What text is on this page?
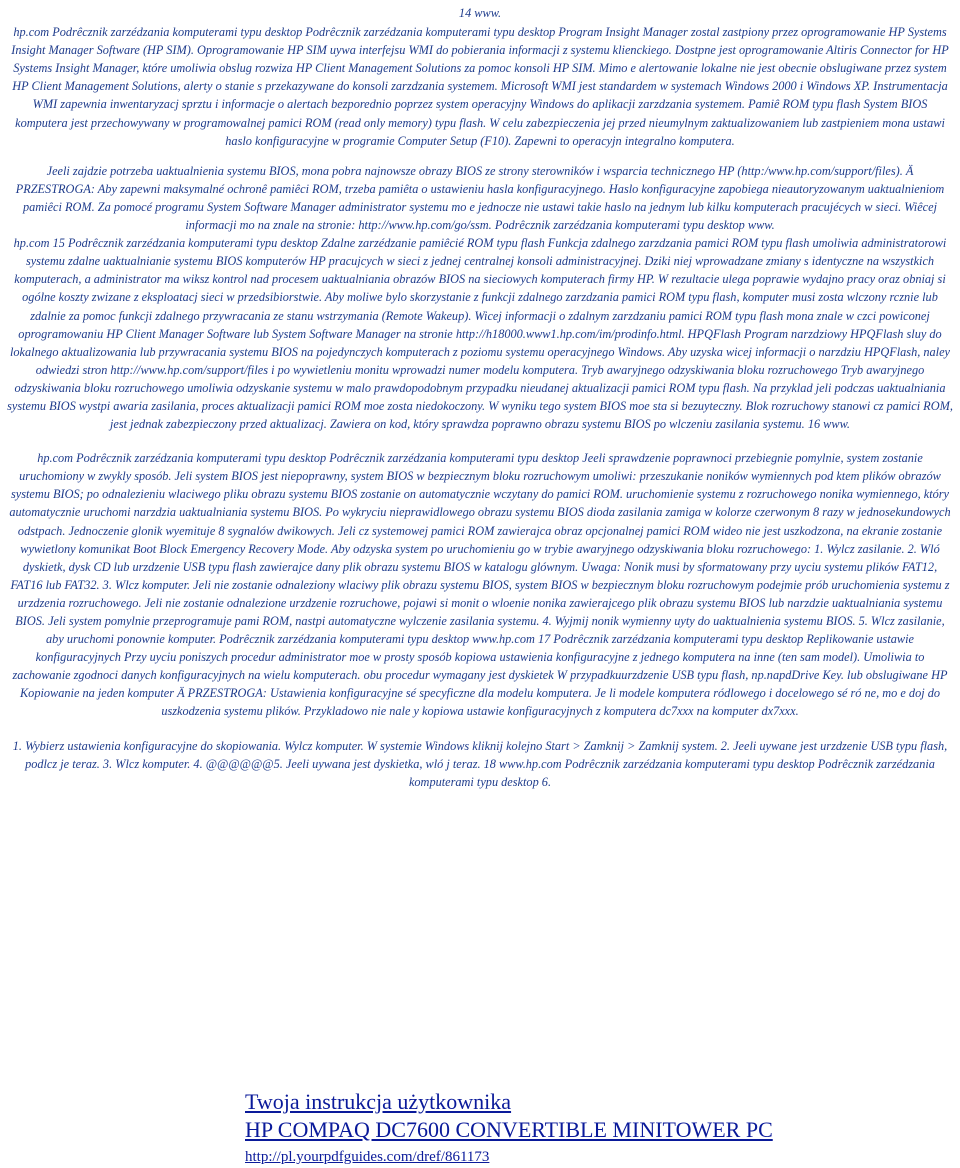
14 www.

hp.com Podrêcznik zarzédzania komputerami typu desktop Podrêcznik zarzédzania komputerami typu desktop Program Insight Manager zostal zastpiony przez oprogramowanie HP Systems Insight Manager Software (HP SIM). Oprogramowanie HP SIM uywa interfejsu WMI do pobierania informacji z systemu klienckiego. Dostpne jest oprogramowanie Altiris Connector for HP Systems Insight Manager, które umoliwia obslug rozwiza HP Client Management Solutions za pomoc konsoli HP SIM. Mimo e alertowanie lokalne nie jest obecnie obslugiwane przez system HP Client Management Solutions, alerty o stanie s przekazywane do konsoli zarzdzania systemem. Microsoft WMI jest standardem w systemach Windows 2000 i Windows XP. Instrumentacja WMI zapewnia inwentaryzacj sprztu i informacje o alertach bezporednio poprzez system operacyjny Windows do aplikacji zarzdzania systemem. Pamiê ROM typu flash System BIOS komputera jest przechowywany w programowalnej pamici ROM (read only memory) typu flash. W celu zabezpieczenia jej przed nieumylnym zaktualizowaniem lub zastpieniem mona ustawi haslo konfiguracyjne w programie Computer Setup (F10). Zapewni to operacyjn integralno komputera.

Jeeli zajdzie potrzeba uaktualnienia systemu BIOS, mona pobra najnowsze obrazy BIOS ze strony sterowników i wsparcia technicznego HP (http:/www.hp.com/support/files). Ä PRZESTROGA: Aby zapewni maksymalné ochronê pamiêci ROM, trzeba pamiêta o ustawieniu hasla konfiguracyjnego. Haslo konfiguracyjne zapobiega nieautoryzowanym uaktualnieniom pamiêci ROM. Za pomocé programu System Software Manager administrator systemu mo e jednocze nie ustawi takie haslo na jednym lub kilku komputerach pracujécych w sieci. Wiêcej informacji mo na znale na stronie: http://www.hp.com/go/ssm. Podrêcznik zarzédzania komputerami typu desktop www.

hp.com 15 Podrêcznik zarzédzania komputerami typu desktop Zdalne zarzédzanie pamiêcié ROM typu flash Funkcja zdalnego zarzdzania pamici ROM typu flash umoliwia administratorowi systemu zdalne uaktualnianie systemu BIOS komputerów HP pracujcych w sieci z jednej centralnej konsoli administracyjnej. Dziki niej wprowadzane zmiany s identyczne na wszystkich komputerach, a administrator ma wiksz kontrol nad procesem uaktualniania obrazów BIOS na sieciowych komputerach firmy HP. W rezultacie ulega poprawie wydajno pracy oraz obniaj si ogólne koszty zwizane z eksploatacj sieci w przedsibiorstwie. Aby moliwe bylo skorzystanie z funkcji zdalnego zarzdzania pamici ROM typu flash, komputer musi zosta wlczony rcznie lub zdalnie za pomoc funkcji zdalnego przywracania ze stanu wstrzymania (Remote Wakeup). Wicej informacji o zdalnym zarzdzaniu pamici ROM typu flash mona znale w czci powiconej oprogramowaniu HP Client Manager Software lub System Software Manager na stronie http://h18000.www1.hp.com/im/prodinfo.html. HPQFlash Program narzdziowy HPQFlash sluy do lokalnego aktualizowania lub przywracania systemu BIOS na pojedynczych komputerach z poziomu systemu operacyjnego Windows. Aby uzyska wicej informacji o narzdziu HPQFlash, naley odwiedzi stron http://www.hp.com/support/files i po wywietleniu monitu wprowadzi numer modelu komputera. Tryb awaryjnego odzyskiwania bloku rozruchowego Tryb awaryjnego odzyskiwania bloku rozruchowego umoliwia odzyskanie systemu w malo prawdopodobnym przypadku nieudanej aktualizacji pamici ROM typu flash. Na przyklad jeli podczas uaktualniania systemu BIOS wystpi awaria zasilania, proces aktualizacji pamici ROM moe zosta niedokoczony. W wyniku tego system BIOS moe sta si bezuyteczny. Blok rozruchowy stanowi cz pamici ROM, jest jednak zabezpieczony przed aktualizacj. Zawiera on kod, który sprawdza poprawno obrazu systemu BIOS po wlczeniu zasilania systemu. 16 www.

hp.com Podrêcznik zarzédzania komputerami typu desktop Podrêcznik zarzédzania komputerami typu desktop Jeeli sprawdzenie poprawnoci przebiegnie pomylnie, system zostanie uruchomiony w zwykly sposób. Jeli system BIOS jest niepoprawny, system BIOS w bezpiecznym bloku rozruchowym umoliwi: przeszukanie noników wymiennych pod ktem plików obrazów systemu BIOS; po odnalezieniu wlaciwego pliku obrazu systemu BIOS zostanie on automatycznie wczytany do pamici ROM. uruchomienie systemu z rozruchowego nonika wymiennego, który automatycznie uruchomi narzdzia uaktualniania systemu BIOS. Po wykryciu nieprawidlowego obrazu systemu BIOS dioda zasilania zamiga w kolorze czerwonym 8 razy w jednosekundowych odstpach. Jednoczenie glonik wyemituje 8 sygnalów dwikowych. Jeli cz systemowej pamici ROM zawierajca obraz opcjonalnej pamici ROM wideo nie jest uszkodzona, na ekranie zostanie wywietlony komunikat Boot Block Emergency Recovery Mode. Aby odzyska system po uruchomieniu go w trybie awaryjnego odzyskiwania bloku rozruchowego: 1. Wylcz zasilanie. 2. Wló dyskietk, dysk CD lub urzdzenie USB typu flash zawierajce dany plik obrazu systemu BIOS w katalogu glównym. Uwaga: Nonik musi by sformatowany przy uyciu systemu plików FAT12, FAT16 lub FAT32. 3. Wlcz komputer. Jeli nie zostanie odnaleziony wlaciwy plik obrazu systemu BIOS, system BIOS w bezpiecznym bloku rozruchowym podejmie prób uruchomienia systemu z urzdzenia rozruchowego. Jeli nie zostanie odnalezione urzdzenie rozruchowe, pojawi si monit o wloenie nonika zawierajcego plik obrazu systemu BIOS lub narzdzie uaktualniania systemu BIOS. Jeli system pomylnie przeprogramuje pami ROM, nastpi automatyczne wylczenie zasilania systemu. 4. Wyjmij nonik wymienny uyty do uaktualnienia systemu BIOS. 5. Wlcz zasilanie, aby uruchomi ponownie komputer. Podrêcznik zarzédzania komputerami typu desktop www.hp.com 17 Podrêcznik zarzédzania komputerami typu desktop Replikowanie ustawie konfiguracyjnych Przy uyciu poniszych procedur administrator moe w prosty sposób kopiowa ustawienia konfiguracyjne z jednego komputera na inne (ten sam model). Umoliwia to zachowanie zgodnoci danych konfiguracyjnych na wielu komputerach. obu procedur wymagany jest dyskietek W przypadkuurzdzenie USB typu flash, np.napdDrive Key. lub obslugiwane HP Kopiowanie na jeden komputer Ä PRZESTROGA: Ustawienia konfiguracyjne sé specyficzne dla modelu komputera. Je li modele komputera ródlowego i docelowego sé ró ne, mo e doj do uszkodzenia systemu plików. Przykladowo nie nale y kopiowa ustawie konfiguracyjnych z komputera dc7xxx na komputer dx7xxx.

1. Wybierz ustawienia konfiguracyjne do skopiowania. Wylcz komputer. W systemie Windows kliknij kolejno Start > Zamknij > Zamknij system. 2. Jeeli uywane jest urzdzenie USB typu flash, podlcz je teraz. 3. Wlcz komputer. 4. @@@@@@5. Jeeli uywana jest dyskietka, wló j teraz. 18 www.hp.com Podrêcznik zarzédzania komputerami typu desktop Podrêcznik zarzédzania komputerami typu desktop 6.

Twoja instrukcja użytkownika
HP COMPAQ DC7600 CONVERTIBLE MINITOWER PC
http://pl.yourpdfguides.com/dref/861173
